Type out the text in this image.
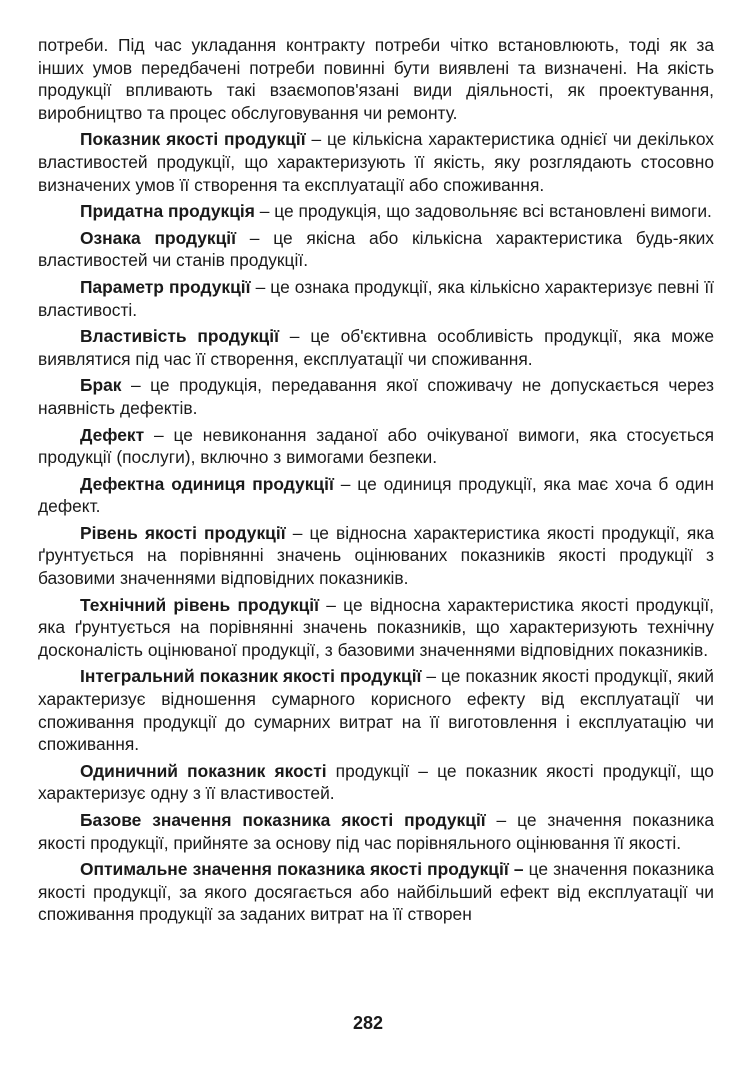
потреби. Під час укладання контракту потреби чітко встановлюють, тоді як за інших умов передбачені потреби повинні бути виявлені та визначені. На якість продукції впливають такі взаємопов'язані види діяльності, як проектування, виробництво та процес обслуговування чи ремонту.

Показник якості продукції – це кількісна характеристика однієї чи декількох властивостей продукції, що характеризують її якість, яку розглядають стосовно визначених умов її створення та експлуатації або споживання.

Придатна продукція – це продукція, що задовольняє всі встановлені вимоги.

Ознака продукції – це якісна або кількісна характеристика будь-яких властивостей чи станів продукції.

Параметр продукції – це ознака продукції, яка кількісно характеризує певні її властивості.

Властивість продукції – це об'єктивна особливість продукції, яка може виявлятися під час її створення, експлуатації чи споживання.

Брак – це продукція, передавання якої споживачу не допускається через наявність дефектів.

Дефект – це невиконання заданої або очікуваної вимоги, яка стосується продукції (послуги), включно з вимогами безпеки.

Дефектна одиниця продукції – це одиниця продукції, яка має хоча б один дефект.

Рівень якості продукції – це відносна характеристика якості продукції, яка ґрунтується на порівнянні значень оцінюваних показників якості продукції з базовими значеннями відповідних показників.

Технічний рівень продукції – це відносна характеристика якості продукції, яка ґрунтується на порівнянні значень показників, що характеризують технічну досконалість оцінюваної продукції, з базовими значеннями відповідних показників.

Інтегральний показник якості продукції – це показник якості продукції, який характеризує відношення сумарного корисного ефекту від експлуатації чи споживання продукції до сумарних витрат на її виготовлення і експлуатацію чи споживання.

Одиничний показник якості продукції – це показник якості продукції, що характеризує одну з її властивостей.

Базове значення показника якості продукції – це значення показника якості продукції, прийняте за основу під час порівняльного оцінювання її якості.

Оптимальне значення показника якості продукції – це значення показника якості продукції, за якого досягається або найбільший ефект від експлуатації чи споживання продукції за заданих витрат на її створен

282
